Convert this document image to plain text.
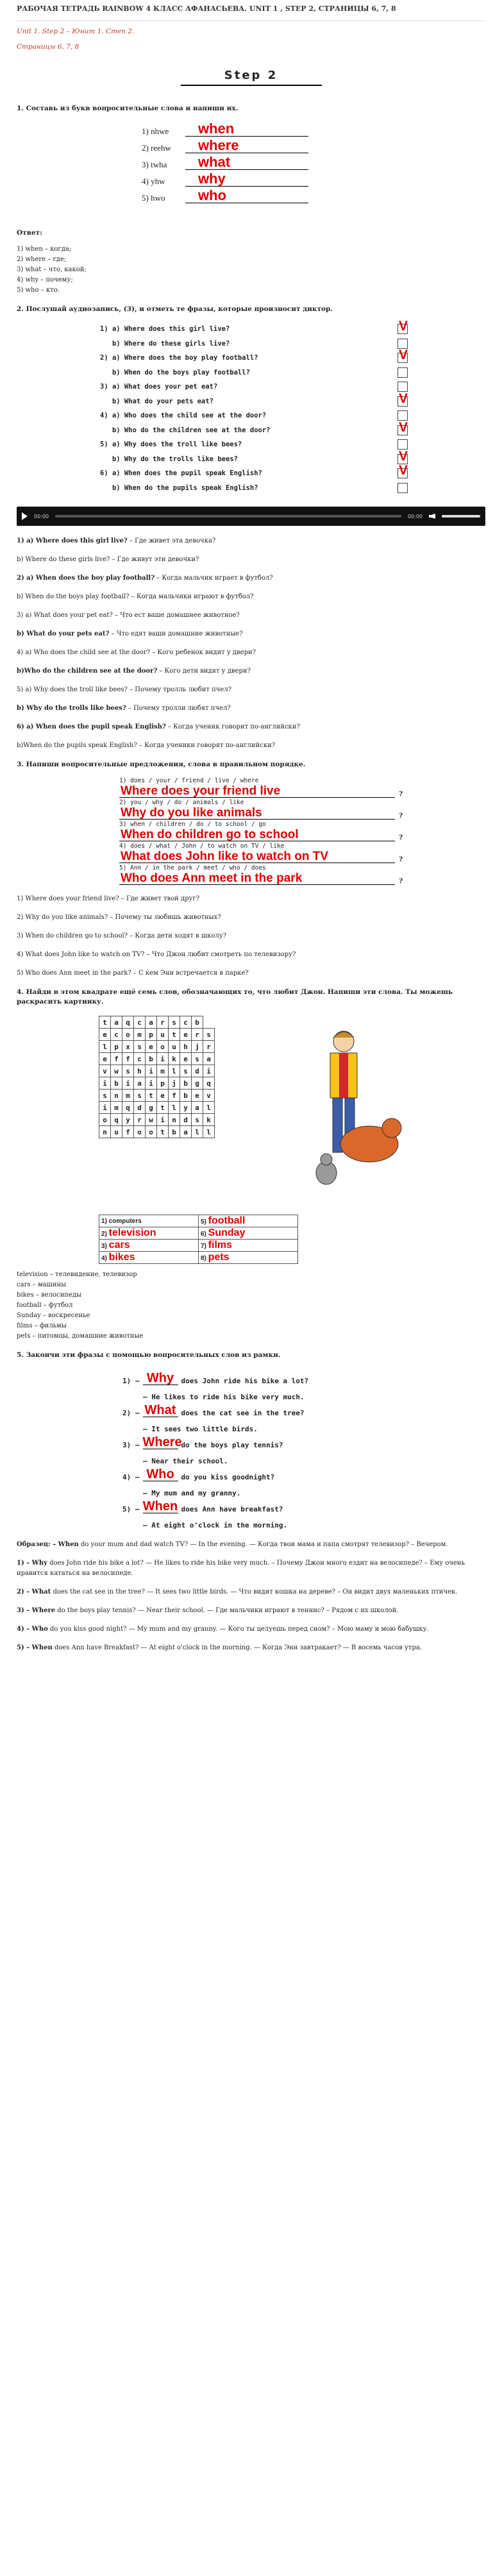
РАБОЧАЯ ТЕТРАДЬ RAINBOW 4 КЛАСС АФАНАСЬЕВА. UNIT 1 , STEP 2, СТРАНИЦЫ 6, 7, 8
Unit 1. Step 2 – Юнит 1. Степ 2.
Страницы 6, 7, 8
Step 2
1. Составь из букв вопросительные слова и напиши их.
1) nhwe	when
2) reehw	where
3) twha	what
4) yhw	why
5) hwo	who
Ответ:

1) when – когда;

2) where – где;

3) what – что, какой;

4) why – почему;

5) who – кто.

2. Послушай аудиозапись, (3), и отметь те фразы, которые произносит диктор.
1) a) Where does this girl live?	V
b) Where do these girls live?
2) a) Where does the boy play football?	V
b) When do the boys play football?
3) a) What does your pet eat?
b) What do your pets eat?	V
4) a) Who does the child see at the door?
b) Who do the children see at the door?	V
5) a) Why does the troll like bees?
b) Why do the trolls like bees?	V
6) a) When does the pupil speak English?	V
b) When do the pupils speak English?
00:00	00:00

1) a) Where does this girl live? – Где живет эта девочка?

b) Where do these girls live? – Где живут эти девочки?

2) a) When does the boy play football? – Когда мальчик играет в футбол?

b) When do the boys play football? – Когда мальчики играют в футбол?

3) a) What does your pet eat? – Что ест ваше домашнее животное?

b) What do your pets eat? – Что едят ваши домашние животные?

4) a) Who does the child see at the door? – Кого ребенок видит у двери?

b)Who do the children see at the door? – Кого дети видят у двери?

5) a) Why does the troll like bees? – Почему тролль любит пчел?

b) Why do the trolls like bees? – Почему тролли любят пчел?

6) a) When does the pupil speak English? – Когда ученик говорит по-английски?

b)When do the pupils speak English? – Когда ученики говорят по-английски?

3. Напиши вопросительные предложения, слова в правильном порядке.
1) does / your / friend / live / where
Where does your friend live	?
2) you / why / do / animals / like
Why do you like animals	?
3) when / children / do / to school / go
When do children go to school	?
4) does / what / John / to watch on TV / like
What does John like to watch on TV	?
5) Ann / in the park / meet / who / does
Who does Ann meet in the park	?

1) Where does your friend live? – Где живет твой друг?

2) Why do you like animals? – Почему ты любишь животных?

3) When do children go to school? – Когда дети ходят в школу?

4) What does John like to watch on TV? – Что Джон любит смотреть по телевизору?

5) Who does Ann meet in the park? – С кем Эни встречается в парке?

4. Найди в этом квадрате ещё семь слов, обозначающих то, что любит Джон. Напиши эти слова. Ты можешь раскрасить картинку.
t	a	q	c	a	r	s	c	b	
e	c	o	m	p	u	t	e	r	s
l	p	x	s	e	o	u	h	j	r
e	f	f	c	b	i	k	e	s	a
v	w	s	h	i	m	l	s	d	i
i	b	i	a	i	p	j	b	g	q
s	n	m	s	t	e	f	b	e	v
i	m	q	d	g	t	l	y	a	l
o	q	y	r	w	i	n	d	s	k
n	u	f	o	o	t	b	a	l	l
1) computers	5) football
2) television	6) Sunday
3) cars	7) films
4) bikes	8) pets

television – телевидение, телевизор

cars – машины

bikes – велосипеды

football – футбол

Sunday – воскресенье

films – фильмы

pets – питомцы, домашние животные

5. Закончи эти фразы с помощью вопросительных слов из рамки.
1) — Why	does John ride his bike a lot?
— He likes to ride his bike very much.
2) — What does the cat see in the tree?
— It sees two little birds.
3) — Where
do the boys play tennis?
— Near their school.
4) — Who do you kiss goodnight?
— My mum and my granny.
5) — When does Ann have breakfast?
— At eight o'clock in the morning.

Образец: – When do your mum and dad watch TV? — In the evening. — Когда твои мама и папа смотрят телевизор? – Вечером.

1) – Why does John ride his bike a lot? — He likes to ride his bike very much. – Почему Джон много ездит на велосипеде? – Ему очень нравится кататься на велосипеде.

2) – What does the cat see in the tree? — It sees two little birds. — Что видит кошка на дереве? – Он видит двух маленьких птичек.

3) – Where do the boys play tennis? — Near their school. — Где мальчики играют в теннис? – Рядом с их школой.

4) – Who do you kiss good night? — My mum and my granny. — Кого ты целуешь перед сном? – Мою маму и мою бабушку.

5) – When does Ann have Breakfast? — At eight o'clock in the morning. — Когда Энн завтракает? — В восемь часов утра.
